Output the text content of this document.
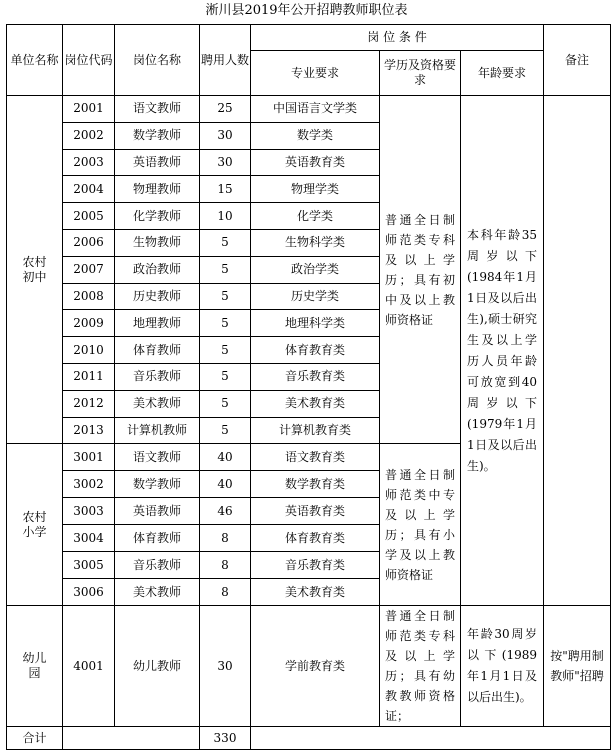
淅川县2019年公开招聘教师职位表
单位名称	岗位代码	岗位名称	聘用人数	岗 位 条 件			备注
				专业要求	学历及资格要求	年龄要求	
农村初中	2001	语文教师	25	中国语言文学类	普通全日制师范类专科及以上学历；具有初中及以上教师资格证	本科年龄35周岁以下(1984年1月1日及以后出生),硕士研究生及以上学历人员年龄可放宽到40周岁以下(1979年1月1日及以后出生)。	
	2002	数学教师	30	数学类			
	2003	英语教师	30	英语教育类			
	2004	物理教师	15	物理学类			
	2005	化学教师	10	化学类			
	2006	生物教师	5	生物科学类			
	2007	政治教师	5	政治学类			
	2008	历史教师	5	历史学类			
	2009	地理教师	5	地理科学类			
	2010	体育教师	5	体育教育类			
	2011	音乐教师	5	音乐教育类			
	2012	美术教师	5	美术教育类			
	2013	计算机教师	5	计算机教育类			
农村小学	3001	语文教师	40	语文教育类	普通全日制师范类中专及以上学历；具有小学及以上教师资格证		
	3002	数学教师	40	数学教育类			
	3003	英语教师	46	英语教育类			
	3004	体育教师	8	体育教育类			
	3005	音乐教师	8	音乐教育类			
	3006	美术教师	8	美术教育类			
幼儿园	4001	幼儿教师	30	学前教育类	普通全日制师范类专科及以上学历；具有幼教教师资格证；	年龄30周岁以下(1989年1月1日及以后出生)。	按"聘用制教师"招聘
合计			330				
